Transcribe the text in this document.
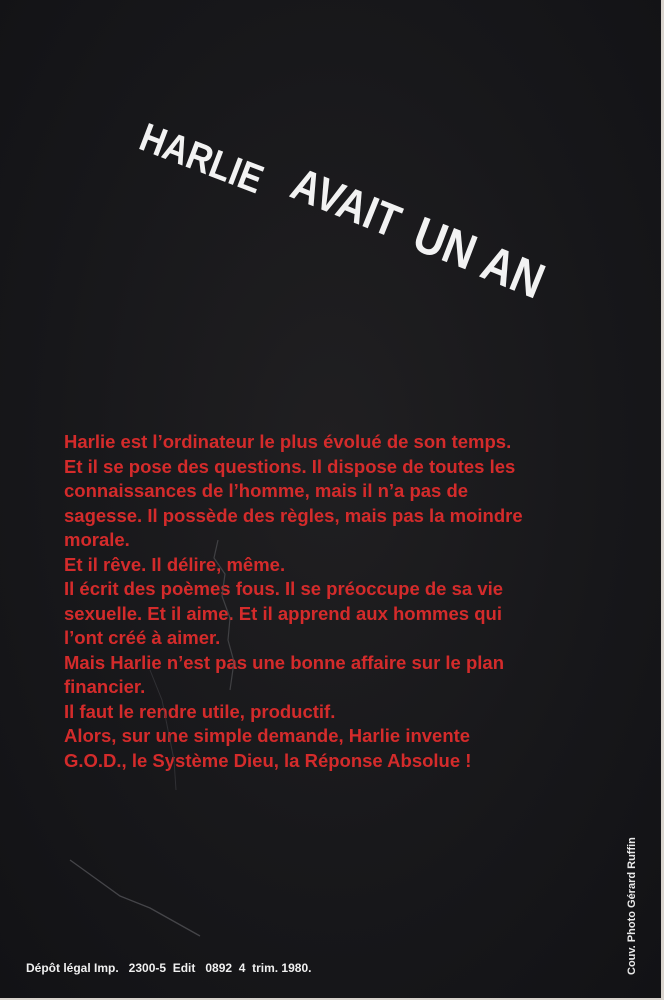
HARLIE
AVAIT
UN
AN
Harlie est l’ordinateur le plus évolué de son temps.
Et il se pose des questions. Il dispose de toutes les
connaissances de l’homme, mais il n’a pas de
sagesse. Il possède des règles, mais pas la moindre
morale.
Et il rêve. Il délire, même.
Il écrit des poèmes fous. Il se préoccupe de sa vie
sexuelle. Et il aime. Et il apprend aux hommes qui
l’ont créé à aimer.
Mais Harlie n’est pas une bonne affaire sur le plan
financier.
Il faut le rendre utile, productif.
Alors, sur une simple demande, Harlie invente
G.O.D., le Système Dieu, la Réponse Absolue !
Couv. Photo Gérard Ruffin
Dépôt légal Imp.   2300-5  Edit   0892  4  trim. 1980.
